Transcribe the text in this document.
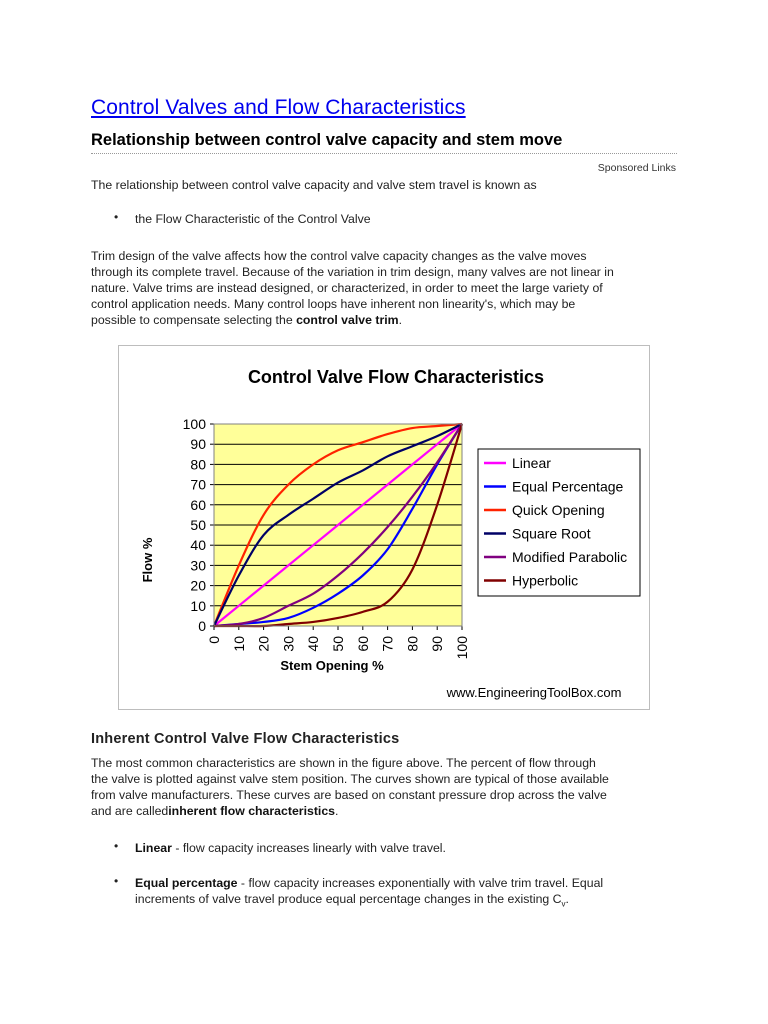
Control Valves and Flow Characteristics
Relationship between control valve capacity and stem move
Sponsored Links

The relationship between control valve capacity and valve stem travel is known as

• the Flow Characteristic of the Control Valve
Trim design of the valve affects how the control valve capacity changes as the valve moves
through its complete travel. Because of the variation in trim design, many valves are not linear in
nature. Valve trims are instead designed, or characterized, in order to meet the large variety of
control application needs. Many control loops have inherent non linearity's, which may be
possible to compensate selecting the control valve trim.
Control Valve Flow Characteristics
0
10
20
30
40
50
60
70
80
90
100
0 10 20 30 40 50 60 70 80 90 100
Linear
Equal Percentage
Quick Opening
Square Root
Modified Parabolic
Hyperbolic
Flow %
Stem Opening %
www.EngineeringToolBox.com
Inherent Control Valve Flow Characteristics
The most common characteristics are shown in the figure above. The percent of flow through
the valve is plotted against valve stem position. The curves shown are typical of those available
from valve manufacturers. These curves are based on constant pressure drop across the valve
and are calledinherent flow characteristics.
• Linear - flow capacity increases linearly with valve travel.
• Equal percentage - flow capacity increases exponentially with valve trim travel. Equal
increments of valve travel produce equal percentage changes in the existing $C_v$.
